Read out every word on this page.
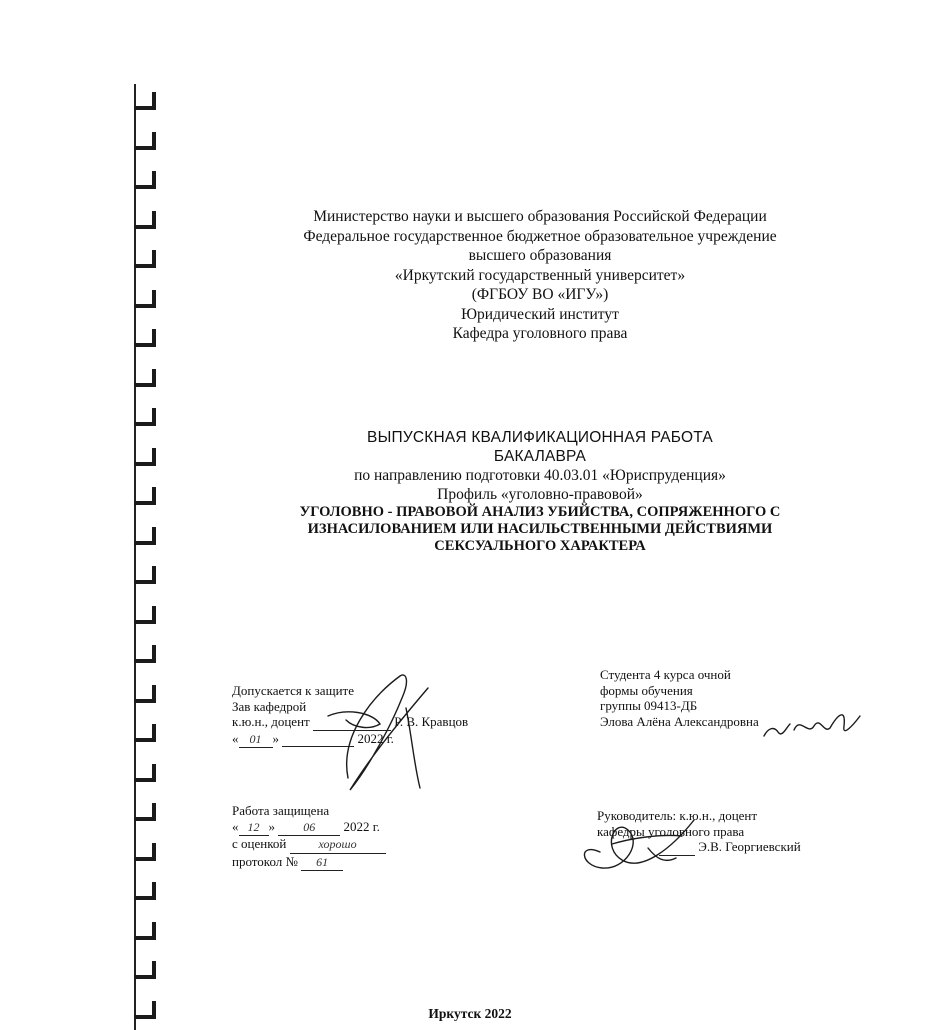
Министерство науки и высшего образования Российской Федерации
Федеральное государственное бюджетное образовательное учреждение
высшего образования
«Иркутский государственный университет»
(ФГБОУ ВО «ИГУ»)
Юридический институт
Кафедра уголовного права
ВЫПУСКНАЯ КВАЛИФИКАЦИОННАЯ РАБОТА
БАКАЛАВРА
по направлению подготовки 40.03.01 «Юриспруденция»
Профиль «уголовно-правовой»
УГОЛОВНО - ПРАВОВОЙ АНАЛИЗ УБИЙСТВА, СОПРЯЖЕННОГО С
ИЗНАСИЛОВАНИЕМ ИЛИ НАСИЛЬСТВЕННЫМИ ДЕЙСТВИЯМИ
СЕКСУАЛЬНОГО ХАРАКТЕРА
Допускается к защите
Зав кафедрой
к.ю.н., доцент	Р. В. Кравцов
« 01 »	2022 г.
Студента 4 курса очной
формы обучения
группы 09413-ДБ
Элова Алёна Александровна
Работа защищена
« 12 » 06 2022 г.
с оценкой	хорошо
протокол № 61
Руководитель: к.ю.н., доцент
кафедры уголовного права
Э.В. Георгиевский
Иркутск 2022
